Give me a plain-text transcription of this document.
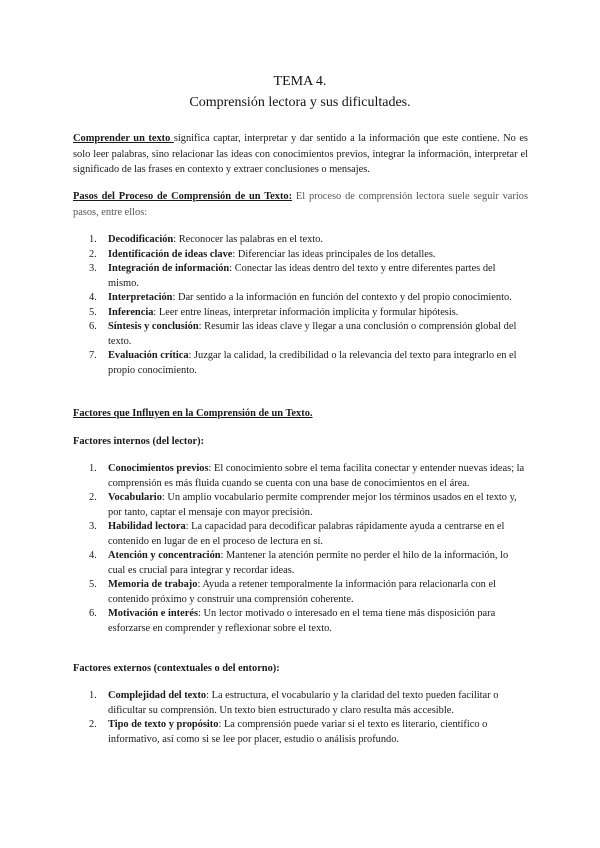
TEMA 4.
Comprensión lectora y sus dificultades.
Comprender un texto significa captar, interpretar y dar sentido a la información que este contiene. No es solo leer palabras, sino relacionar las ideas con conocimientos previos, integrar la información, interpretar el significado de las frases en contexto y extraer conclusiones o mensajes.
Pasos del Proceso de Comprensión de un Texto: El proceso de comprensión lectora suele seguir varios pasos, entre ellos:
1. Decodificación: Reconocer las palabras en el texto.
2. Identificación de ideas clave: Diferenciar las ideas principales de los detalles.
3. Integración de información: Conectar las ideas dentro del texto y entre diferentes partes del mismo.
4. Interpretación: Dar sentido a la información en función del contexto y del propio conocimiento.
5. Inferencia: Leer entre líneas, interpretar información implícita y formular hipótesis.
6. Síntesis y conclusión: Resumir las ideas clave y llegar a una conclusión o comprensión global del texto.
7. Evaluación crítica: Juzgar la calidad, la credibilidad o la relevancia del texto para integrarlo en el propio conocimiento.
Factores que Influyen en la Comprensión de un Texto.
Factores internos (del lector):
1. Conocimientos previos: El conocimiento sobre el tema facilita conectar y entender nuevas ideas; la comprensión es más fluida cuando se cuenta con una base de conocimientos en el área.
2. Vocabulario: Un amplio vocabulario permite comprender mejor los términos usados en el texto y, por tanto, captar el mensaje con mayor precisión.
3. Habilidad lectora: La capacidad para decodificar palabras rápidamente ayuda a centrarse en el contenido en lugar de en el proceso de lectura en sí.
4. Atención y concentración: Mantener la atención permite no perder el hilo de la información, lo cual es crucial para integrar y recordar ideas.
5. Memoria de trabajo: Ayuda a retener temporalmente la información para relacionarla con el contenido próximo y construir una comprensión coherente.
6. Motivación e interés: Un lector motivado o interesado en el tema tiene más disposición para esforzarse en comprender y reflexionar sobre el texto.
Factores externos (contextuales o del entorno):
1. Complejidad del texto: La estructura, el vocabulario y la claridad del texto pueden facilitar o dificultar su comprensión. Un texto bien estructurado y claro resulta más accesible.
2. Tipo de texto y propósito: La comprensión puede variar si el texto es literario, científico o informativo, así como si se lee por placer, estudio o análisis profundo.
